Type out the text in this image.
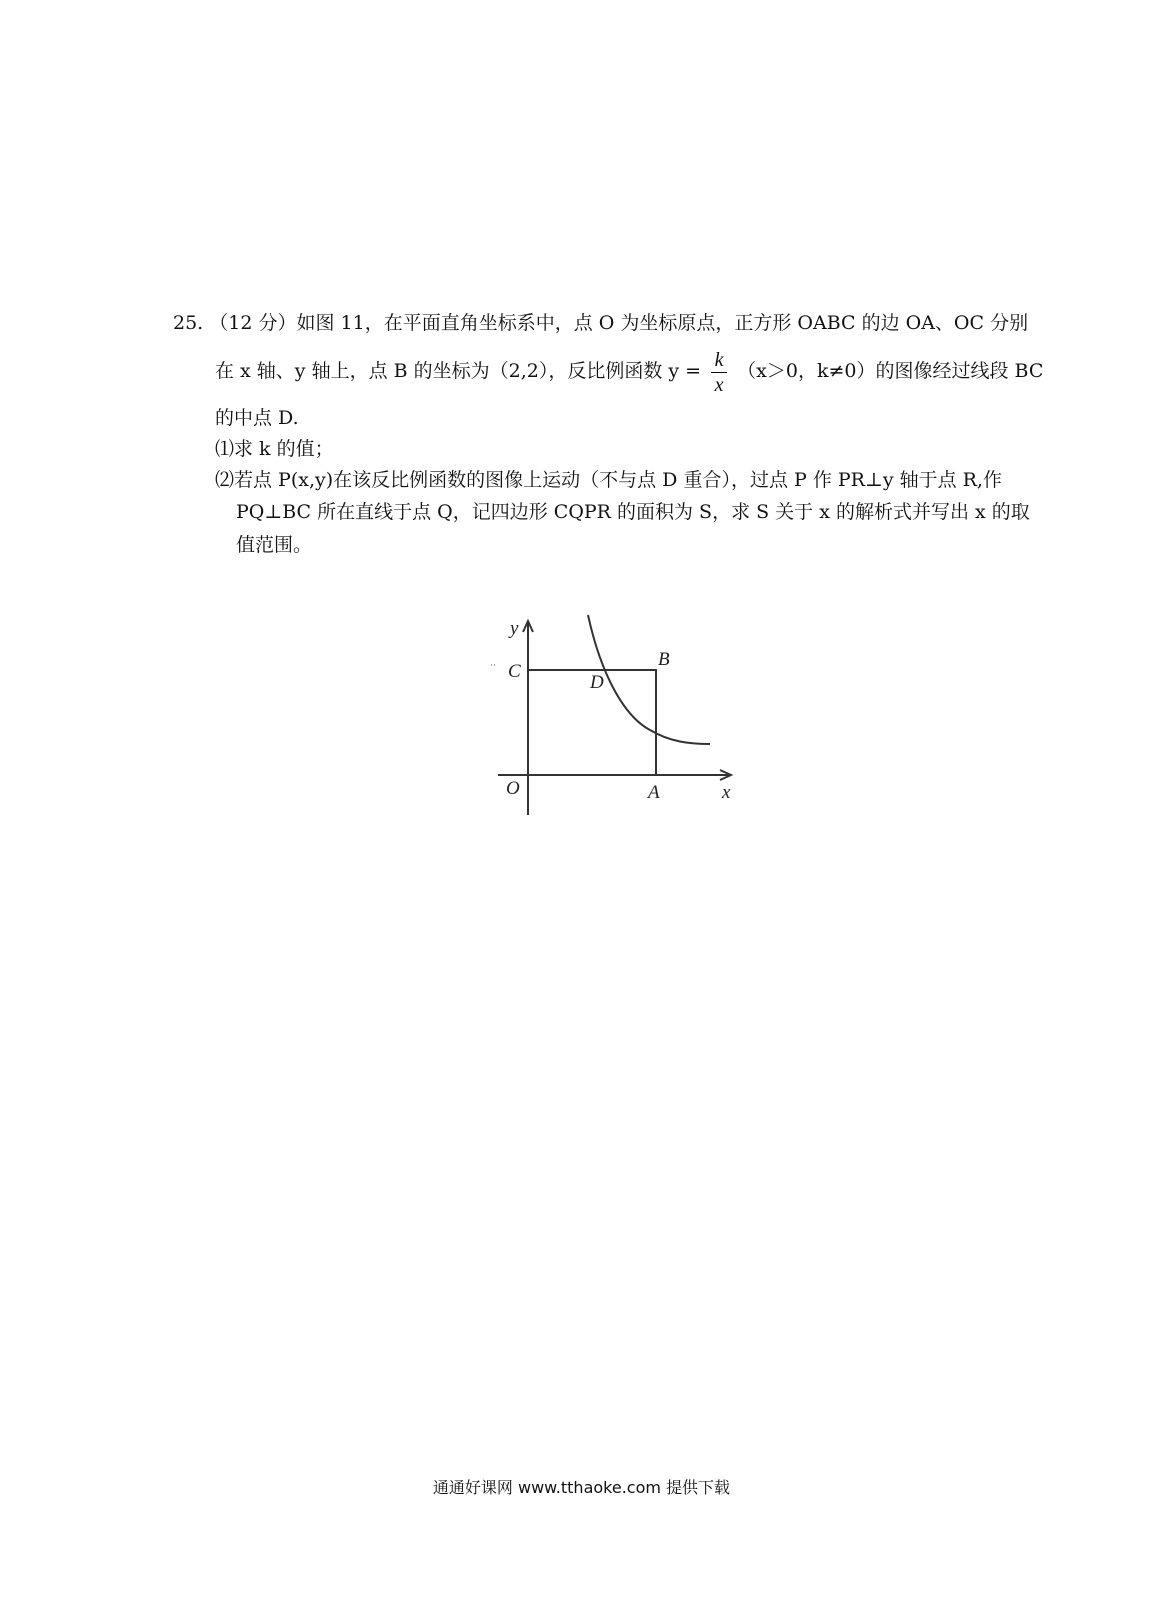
25. （12 分）如图 11，在平面直角坐标系中，点 O 为坐标原点，正方形 OABC 的边 OA、OC 分别
在 x 轴、y 轴上，点 B 的坐标为（2,2），反比例函数 $y = \frac{k}{x} (x>0$，k≠0）的图像经过线段 BC
的中点 D.
⑴求 k 的值；
⑵若点 P(x,y)在该反比例函数的图像上运动（不与点 D 重合），过点 P 作 PR⊥y 轴于点 R,作
PQ⊥BC 所在直线于点 Q，记四边形 CQPR 的面积为 S，求 S 关于 x 的解析式并写出 x 的取
值范围。
y
x
O	A
B
C
D
通通好课网 www.tthaoke.com 提供下载
